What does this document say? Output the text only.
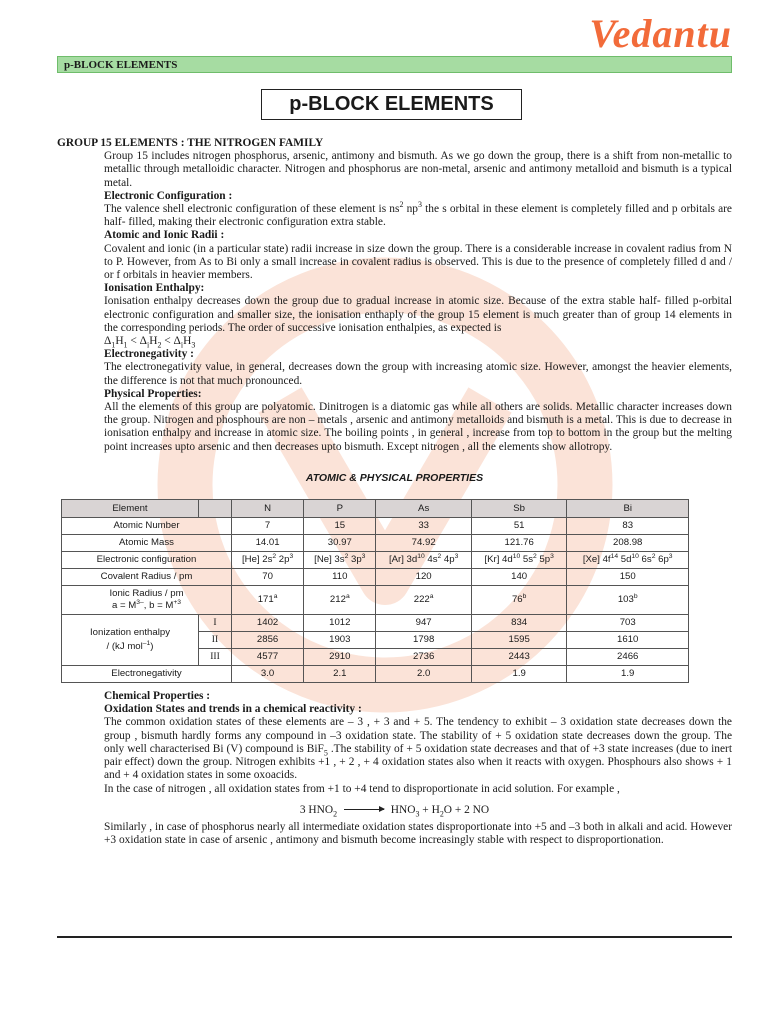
Vedantu
p-BLOCK ELEMENTS
p-BLOCK ELEMENTS

GROUP 15 ELEMENTS : THE NITROGEN FAMILY

Group 15 includes nitrogen phosphorus, arsenic, antimony and bismuth. As we go down the group, there is a shift from non-metallic to metallic through metalloidic character. Nitrogen and phosphorus are non-metal, arsenic and antimony metalloid and bismuth is a typical metal.

Electronic Configuration :

The valence shell electronic configuration of these element is $ns^2$ $np^3$ the s orbital in these element is completely filled and p orbitals are half- filled, making their electronic configuration extra stable.

Atomic and Ionic Radii :

Covalent and ionic (in a particular state) radii increase in size down the group. There is a considerable increase in covalent radius from N to P. However, from As to Bi only a small increase in covalent radius is observed. This is due to the presence of completely filled d and / or f orbitals in heavier members.

Ionisation Enthalpy:

Ionisation enthalpy decreases down the group due to gradual increase in atomic size. Because of the extra stable half- filled p-orbital electronic configuration and smaller size, the ionisation enthaply of the group 15 element is much greater than of group 14 elements in the corresponding periods. The order of successive ionisation enthalpies, as expected is

$\Delta_1H_1 < \Delta_iH_2 < \Delta_iH_3$

Electronegativity :

The electronegativity value, in general, decreases down the group with increasing atomic size. However, amongst the heavier elements, the difference is not that much pronounced.

Physical Properties:

All the elements of this group are polyatomic. Dinitrogen is a diatomic gas while all others are solids. Metallic character increases down the group. Nitrogen and phosphours are non – metals , arsenic and antimony metalloids and bismuth is a metal. This is due to decrease in ionisation enthalpy and increase in atomic size. The boiling points , in general , increase from top to bottom in the group but the melting point increases upto arsenic and then decreases upto bismuth. Except nitrogen , all the elements show allotropy.

ATOMIC & PHYSICAL PROPERTIES
Element		N	P	As	Sb	Bi
Atomic Number		7	15	33	51	83
Atomic Mass		14.01	30.97	74.92	121.76	208.98
Electronic configuration		[He] $2s^2$ $2p^3$	[Ne] $3s^2$ $3p^3$	[Ar] $3d^{10}$ $4s^2$ $4p^3$	[Kr] $4d^{10}$ $5s^2$ $5p^3$	[Xe] $4f^{14}$ $5d^{10}$ $6s^2$ $6p^3$
Covalent Radius / pm		70	110	120	140	150
Ionic Radius / pm
$a = M^{3-}$, $b = M^{+3}$		171$^a$	212$^a$	222$^a$	76$^b$	103$^b$
Ionization enthalpy
/ (kJ mol$^{-1}$)	I	1402	1012	947	834	703
	II	2856	1903	1798	1595	1610
	III	4577	2910	2736	2443	2466
Electronegativity		3.0	2.1	2.0	1.9	1.9

Chemical Properties :

Oxidation States and trends in a chemical reactivity :

The common oxidation states of these elements are – 3 , + 3 and + 5. The tendency to exhibit – 3 oxidation state decreases down the group , bismuth hardly forms any compound in –3 oxidation state. The stability of + 5 oxidation state decreases down the group. The only well characterised Bi (V) compound is BiF$_5$ .The stability of + 5 oxidation state decreases and that of +3 state increases (due to inert pair effect) down the group. Nitrogen exhibits +1 , + 2 , + 4 oxidation states also when it reacts with oxygen. Phosphours also shows + 1 and + 4 oxidation states in some oxoacids.

In the case of nitrogen , all oxidation states from +1 to +4 tend to disproportionate in acid solution. For example ,

3 $HNO_2 \to HNO_3 + H_2O + 2$ NO

Similarly , in case of phosphorus nearly all intermediate oxidation states disproportionate into +5 and –3 both in alkali and acid. However +3 oxidation state in case of arsenic , antimony and bismuth become increasingly stable with respect to disproportionation.
